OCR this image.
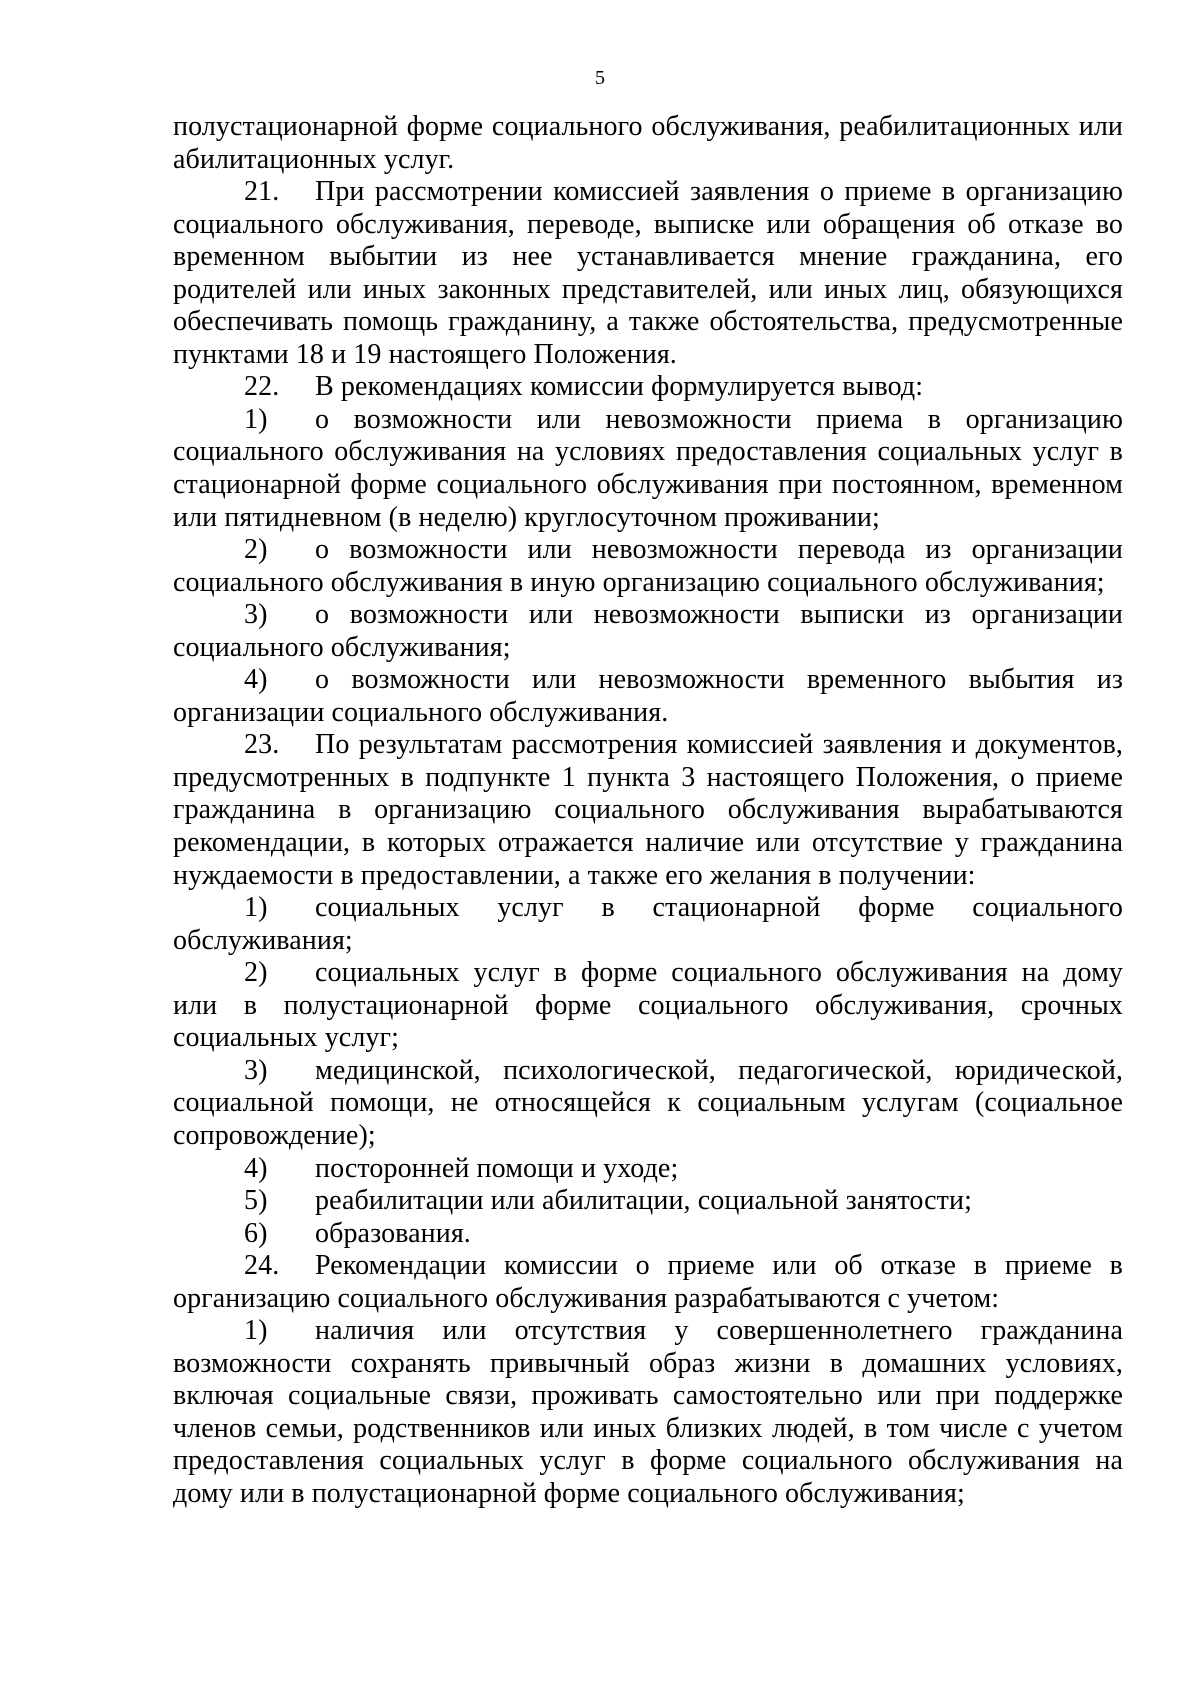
5

полустационарной форме социального обслуживания, реабилитационных или абилитационных услуг.

21. При рассмотрении комиссией заявления о приеме в организацию социального обслуживания, переводе, выписке или обращения об отказе во временном выбытии из нее устанавливается мнение гражданина, его родителей или иных законных представителей, или иных лиц, обязующихся обеспечивать помощь гражданину, а также обстоятельства, предусмотренные пунктами 18 и 19 настоящего Положения.

22. В рекомендациях комиссии формулируется вывод:

1) о возможности или невозможности приема в организацию социального обслуживания на условиях предоставления социальных услуг в стационарной форме социального обслуживания при постоянном, временном или пятидневном (в неделю) круглосуточном проживании;

2) о возможности или невозможности перевода из организации социального обслуживания в иную организацию социального обслуживания;

3) о возможности или невозможности выписки из организации социального обслуживания;

4) о возможности или невозможности временного выбытия из организации социального обслуживания.

23. По результатам рассмотрения комиссией заявления и документов, предусмотренных в подпункте 1 пункта 3 настоящего Положения, о приеме гражданина в организацию социального обслуживания вырабатываются рекомендации, в которых отражается наличие или отсутствие у гражданина нуждаемости в предоставлении, а также его желания в получении:

1) социальных услуг в стационарной форме социального обслуживания;

2) социальных услуг в форме социального обслуживания на дому или в полустационарной форме социального обслуживания, срочных социальных услуг;

3) медицинской, психологической, педагогической, юридической, социальной помощи, не относящейся к социальным услугам (социальное сопровождение);

4) посторонней помощи и уходе;

5) реабилитации или абилитации, социальной занятости;

6) образования.

24. Рекомендации комиссии о приеме или об отказе в приеме в организацию социального обслуживания разрабатываются с учетом:

1) наличия или отсутствия у совершеннолетнего гражданина возможности сохранять привычный образ жизни в домашних условиях, включая социальные связи, проживать самостоятельно или при поддержке членов семьи, родственников или иных близких людей, в том числе с учетом предоставления социальных услуг в форме социального обслуживания на дому или в полустационарной форме социального обслуживания;
